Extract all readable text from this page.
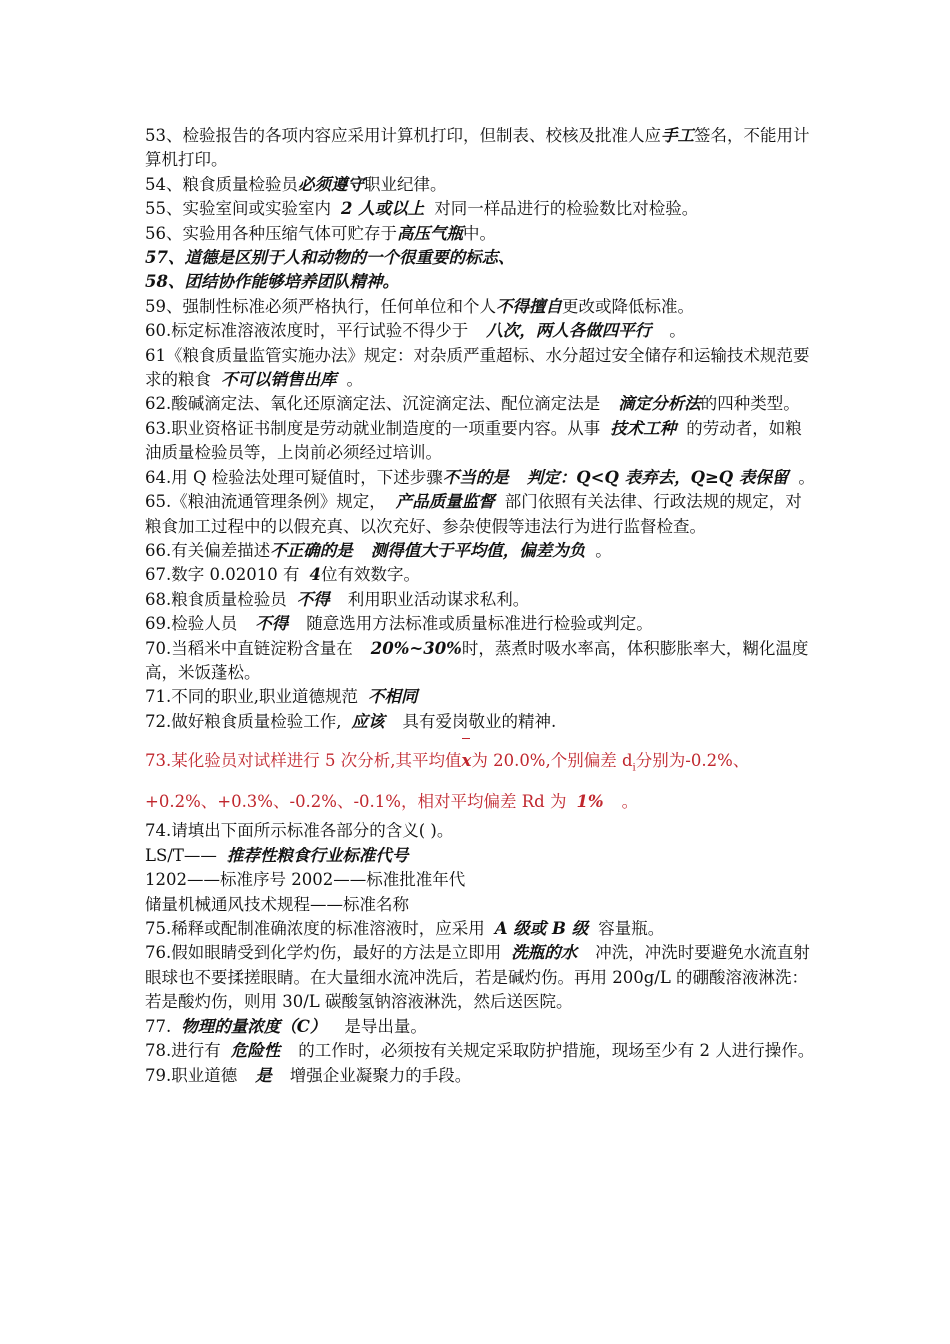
53、检验报告的各项内容应采用计算机打印，但制表、校核及批准人应手工签名，不能用计算机打印。

54、粮食质量检验员必须遵守职业纪律。

55、实验室间或实验室内 2 人或以上 对同一样品进行的检验数比对检验。

56、实验用各种压缩气体可贮存于高压气瓶中。

57、道德是区别于人和动物的一个很重要的标志、

58、团结协作能够培养团队精神。

59、强制性标准必须严格执行，任何单位和个人不得擅自更改或降低标准。

60.标定标准溶液浓度时，平行试验不得少于 八次，两人各做四平行 。

61《粮食质量监管实施办法》规定：对杂质严重超标、水分超过安全储存和运输技术规范要求的粮食 不可以销售出库 。

62.酸碱滴定法、氧化还原滴定法、沉淀滴定法、配位滴定法是 滴定分析法的四种类型。

63.职业资格证书制度是劳动就业制造度的一项重要内容。从事 技术工种 的劳动者，如粮油质量检验员等，上岗前必须经过培训。

64.用 Q 检验法处理可疑值时，下述步骤不当的是 判定：Q<Q 表弃去，Q≥Q 表保留 。

65.《粮油流通管理条例》规定， 产品质量监督 部门依照有关法律、行政法规的规定，对粮食加工过程中的以假充真、以次充好、参杂使假等违法行为进行监督检查。

66.有关偏差描述不正确的是 测得值大于平均值，偏差为负 。

67.数字 0.02010 有 4位有效数字。

68.粮食质量检验员 不得 利用职业活动谋求私利。

69.检验人员 不得 随意选用方法标准或质量标准进行检验或判定。

70.当稻米中直链淀粉含量在 20%~30%时，蒸煮时吸水率高，体积膨胀率大，糊化温度高，米饭蓬松。

71.不同的职业,职业道德规范 不相同

72.做好粮食质量检验工作, 应该 具有爱岗敬业的精神.

73.某化验员对试样进行 5 次分析,其平均值x为 20.0%,个别偏差 $d_i$分别为-0.2%、+0.2%、+0.3%、-0.2%、-0.1%，相对平均偏差 Rd 为 1% 。

74.请填出下面所示标准各部分的含义( )。

LS/T—— 推荐性粮食行业标准代号

1202——标准序号 2002——标准批准年代

储量机械通风技术规程——标准名称

75.稀释或配制准确浓度的标准溶液时，应采用 A 级或 B 级 容量瓶。

76.假如眼睛受到化学灼伤，最好的方法是立即用 洗瓶的水 冲洗，冲洗时要避免水流直射眼球也不要揉搓眼睛。在大量细水流冲洗后，若是碱灼伤。再用 200g/L 的硼酸溶液淋洗：若是酸灼伤，则用 30/L 碳酸氢钠溶液淋洗，然后送医院。

77. 物理的量浓度（C） 是导出量。

78.进行有 危险性 的工作时，必须按有关规定采取防护措施，现场至少有 2 人进行操作。

79.职业道德 是 增强企业凝聚力的手段。
